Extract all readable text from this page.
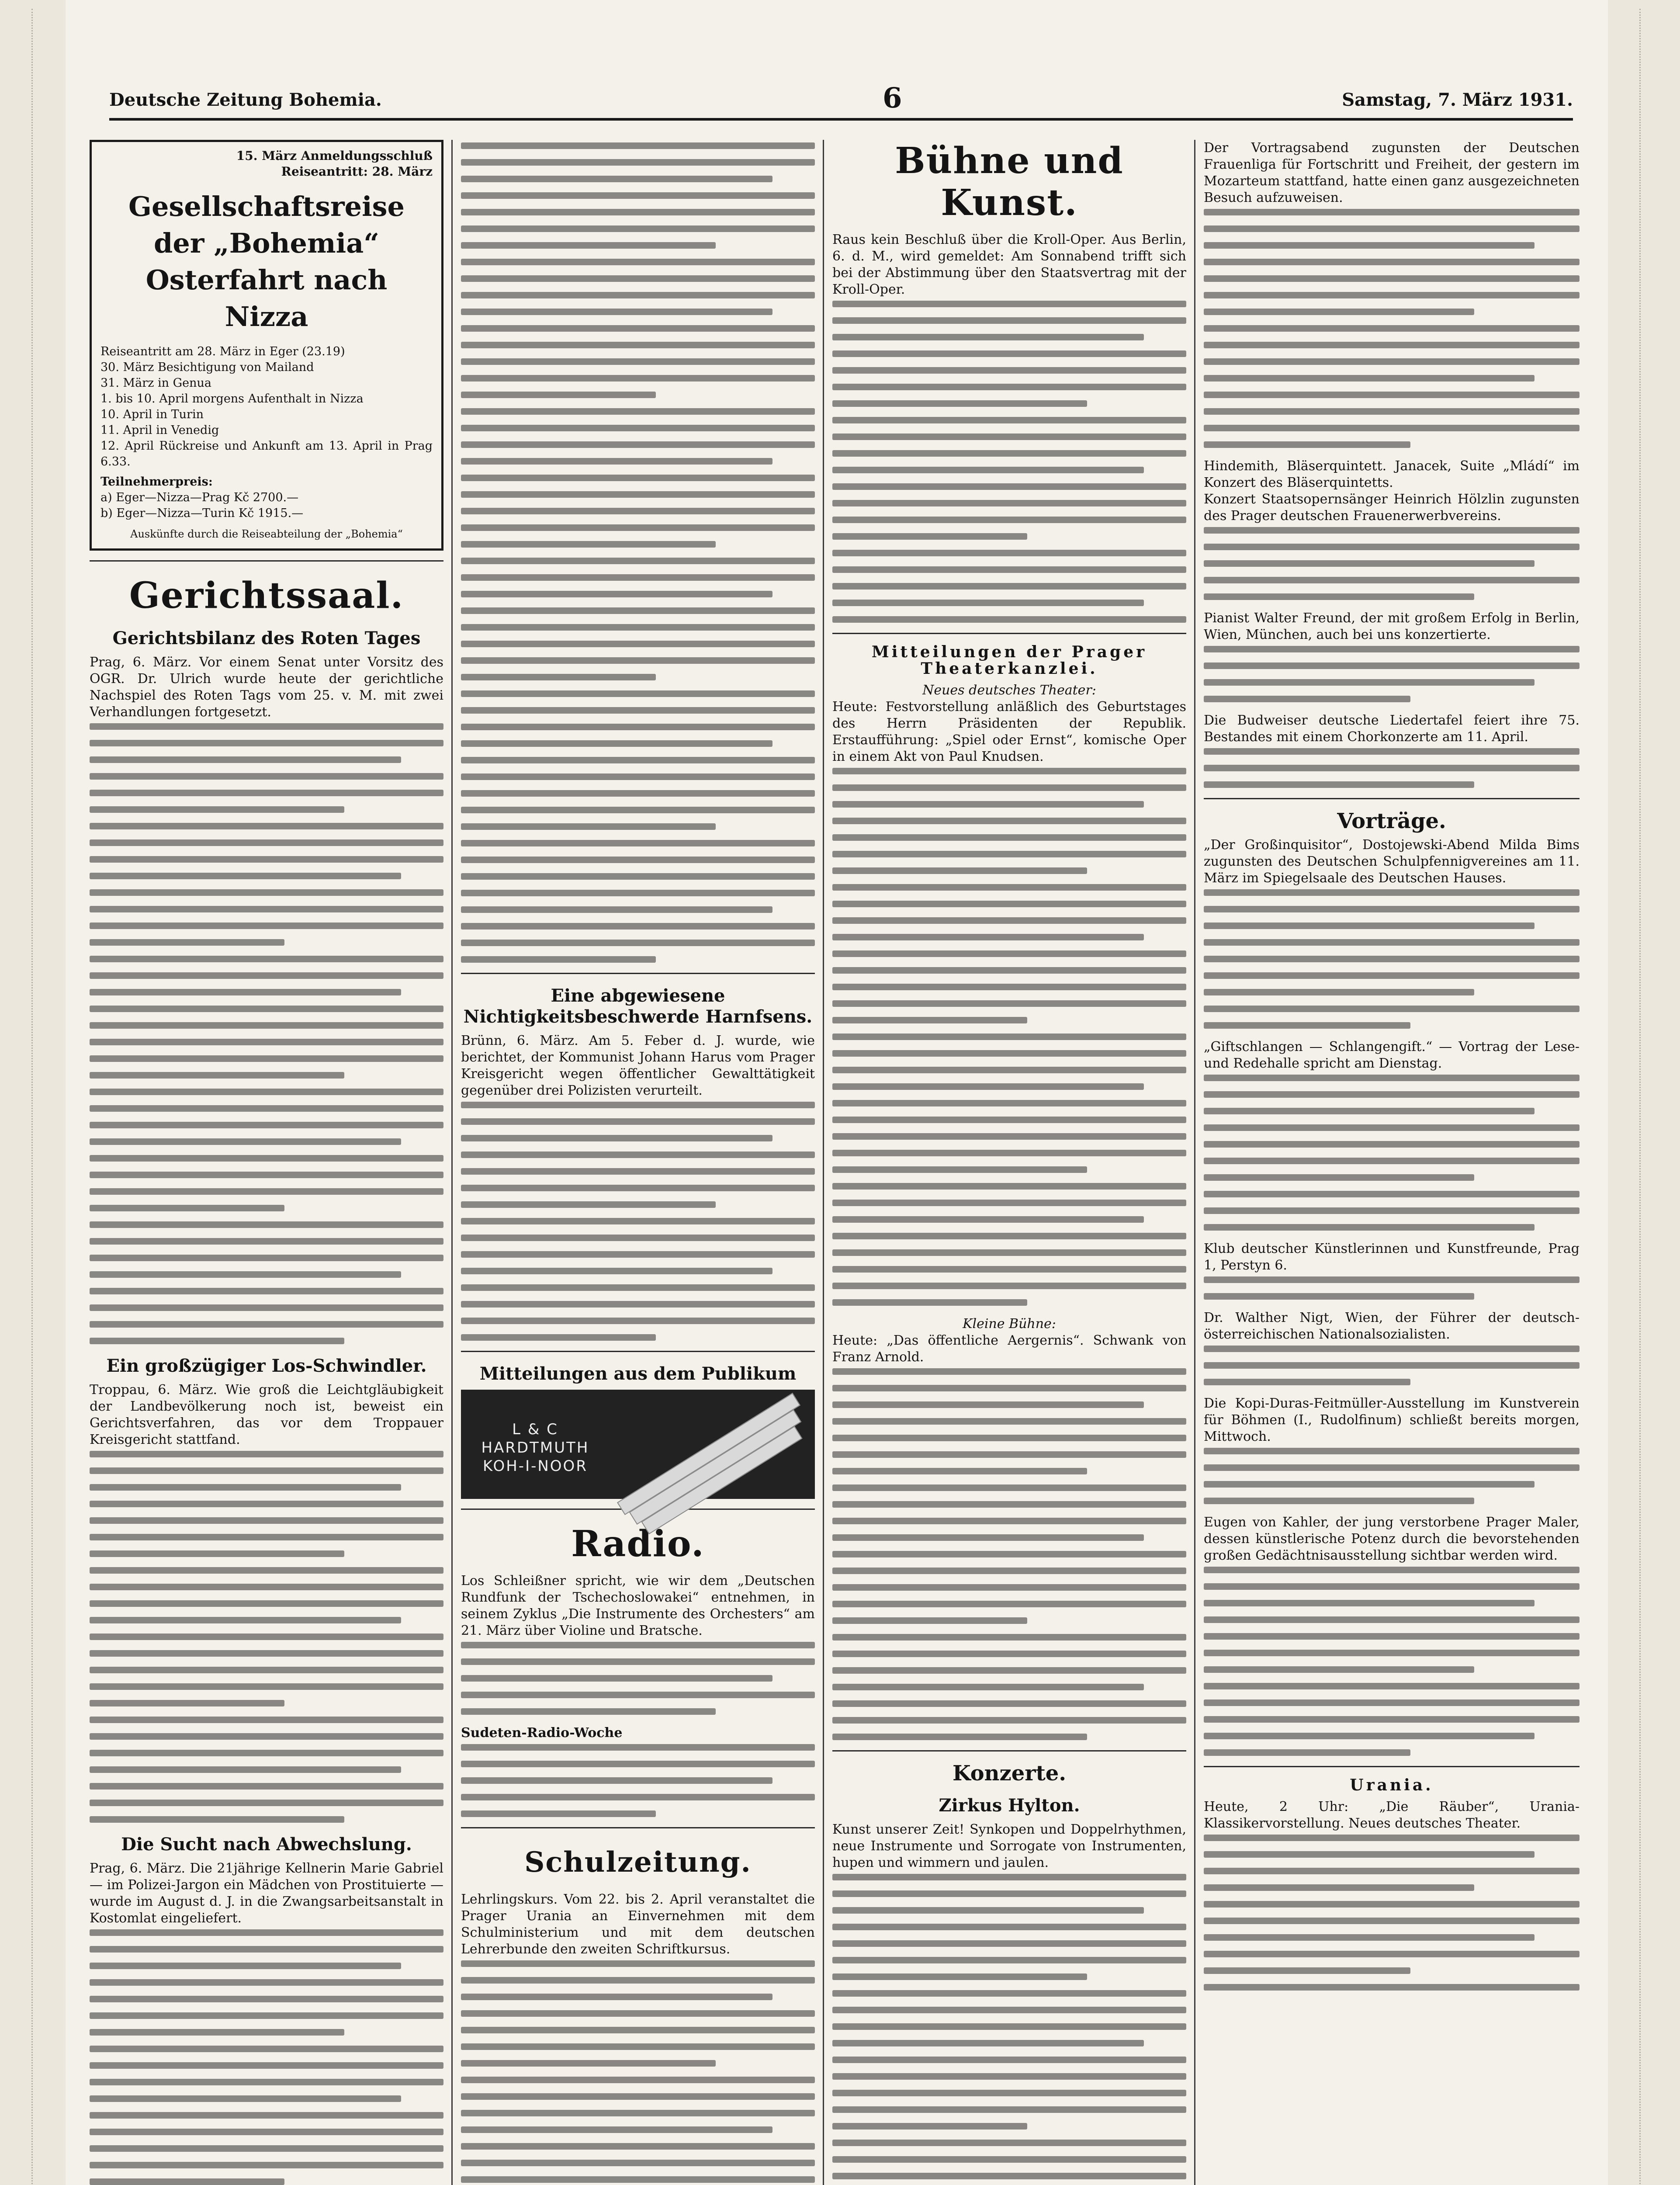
Deutsche Zeitung Bohemia.	6	Samstag, 7. März 1931.
15. März Anmeldungsschluß
Reiseantritt: 28. März
Gesellschaftsreise der „Bohemia“ Osterfahrt nach Nizza
Reiseantritt am 28. März in Eger (23.19)
30. März Besichtigung von Mailand
31. März in Genua
1. bis 10. April morgens Aufenthalt in Nizza
10. April in Turin
11. April in Venedig
12. April Rückreise und Ankunft am 13. April in Prag 6.33.
Teilnehmerpreis:
a) Eger—Nizza—Prag Kč 2700.—
b) Eger—Nizza—Turin Kč 1915.—
Auskünfte durch die Reiseabteilung der „Bohemia“
Gerichtssaal.
Gerichtsbilanz des Roten Tages
Prag, 6. März. Vor einem Senat unter Vorsitz des OGR. Dr. Ulrich wurde heute der gerichtliche Nachspiel des Roten Tags vom 25. v. M. mit zwei Verhandlungen fortgesetzt.
Ein großzügiger Los-Schwindler.
Troppau, 6. März. Wie groß die Leichtgläubigkeit der Landbevölkerung noch ist, beweist ein Gerichtsverfahren, das vor dem Troppauer Kreisgericht stattfand.
Die Sucht nach Abwechslung.
Prag, 6. März. Die 21jährige Kellnerin Marie Gabriel — im Polizei-Jargon ein Mädchen von Prostituierte — wurde im August d. J. in die Zwangsarbeitsanstalt in Kostomlat eingeliefert.
Eine abgewiesene Nichtigkeitsbeschwerde Harnfsens.
Brünn, 6. März. Am 5. Feber d. J. wurde, wie berichtet, der Kommunist Johann Harus vom Prager Kreisgericht wegen öffentlicher Gewalttätigkeit gegenüber drei Polizisten verurteilt.
Mitteilungen aus dem Publikum
L & C HARDTMUTH KOH-I-NOOR
Radio.
Los Schleißner spricht, wie wir dem „Deutschen Rundfunk der Tschechoslowakei“ entnehmen, in seinem Zyklus „Die Instrumente des Orchesters“ am 21. März über Violine und Bratsche.
Sudeten-Radio-Woche
Schulzeitung.
Lehrlingskurs. Vom 22. bis 2. April veranstaltet die Prager Urania an Einvernehmen mit dem Schulministerium und mit dem deutschen Lehrerbunde den zweiten Schriftkursus.
Bühne und Kunst.
Raus kein Beschluß über die Kroll-Oper. Aus Berlin, 6. d. M., wird gemeldet: Am Sonnabend trifft sich bei der Abstimmung über den Staatsvertrag mit der Kroll-Oper.
Mitteilungen der Prager Theaterkanzlei.
Neues deutsches Theater:
Heute: Festvorstellung anläßlich des Geburtstages des Herrn Präsidenten der Republik. Erstaufführung: „Spiel oder Ernst“, komische Oper in einem Akt von Paul Knudsen.
Kleine Bühne:
Heute: „Das öffentliche Aergernis“. Schwank von Franz Arnold.
Konzerte.
Zirkus Hylton.
Kunst unserer Zeit! Synkopen und Doppelrhythmen, neue Instrumente und Sorrogate von Instrumenten, hupen und wimmern und jaulen.
Der Vortragsabend zugunsten der Deutschen Frauenliga für Fortschritt und Freiheit, der gestern im Mozarteum stattfand, hatte einen ganz ausgezeichneten Besuch aufzuweisen.
Hindemith, Bläserquintett. Janacek, Suite „Mládí“ im Konzert des Bläserquintetts.
Konzert Staatsopernsänger Heinrich Hölzlin zugunsten des Prager deutschen Frauenerwerbvereins.
Pianist Walter Freund, der mit großem Erfolg in Berlin, Wien, München, auch bei uns konzertierte.
Die Budweiser deutsche Liedertafel feiert ihre 75. Bestandes mit einem Chorkonzerte am 11. April.
Vorträge.
„Der Großinquisitor“, Dostojewski-Abend Milda Bims zugunsten des Deutschen Schulpfennigvereines am 11. März im Spiegelsaale des Deutschen Hauses.
„Giftschlangen — Schlangengift.“ — Vortrag der Lese- und Redehalle spricht am Dienstag.
Klub deutscher Künstlerinnen und Kunstfreunde, Prag 1, Perstyn 6.
Dr. Walther Nigt, Wien, der Führer der deutsch-österreichischen Nationalsozialisten.
Die Kopi-Duras-Feitmüller-Ausstellung im Kunstverein für Böhmen (I., Rudolfinum) schließt bereits morgen, Mittwoch.
Eugen von Kahler, der jung verstorbene Prager Maler, dessen künstlerische Potenz durch die bevorstehenden großen Gedächtnisausstellung sichtbar werden wird.
Urania.
Heute, 2 Uhr: „Die Räuber“, Urania-Klassikervorstellung. Neues deutsches Theater.
